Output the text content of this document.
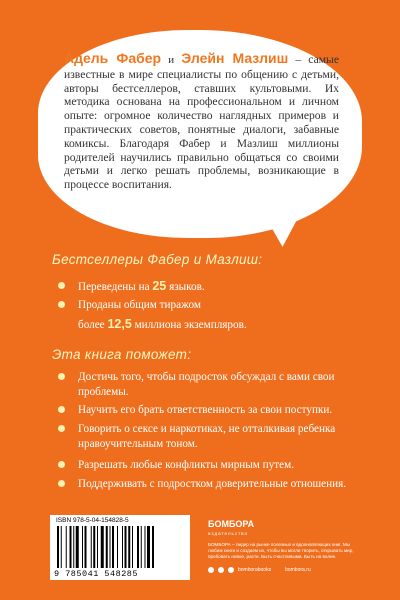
Адель Фабер и Элейн Мазлиш – самые известные в мире специалисты по общению с детьми, авторы бестселлеров, ставших культовыми. Их методика основана на профессиональном и личном опыте: огромное количество наглядных примеров и практических советов, понятные диалоги, забавные комиксы. Благодаря Фабер и Мазлиш миллионы родителей научились правильно общаться со своими детьми и легко решать проблемы, возникающие в процессе воспитания.
Бестселлеры Фабер и Мазлиш:
Переведены на 25 языков.
Проданы общим тиражом
более 12,5 миллиона экземпляров.
Эта книга поможет:
Достичь того, чтобы подросток обсуждал с вами свои проблемы.
Научить его брать ответственность за свои поступки.
Говорить о сексе и наркотиках, не отталкивая ребенка нравоучительным тоном.
Разрешать любые конфликты мирным путем.
Поддерживать с подростком доверительные отношения.
ISBN 978-5-04-154828-5
9 785041 548285
БОМБОРА
издательство
БОМБОРА – лидер на рынке полезных и вдохновляющих книг. Мы любим книги и создаем их, чтобы вы могли творить, открывать мир, пробовать новое, расти. Быть счастливыми. Быть на волне.
bomborabooks	bombora.ru
